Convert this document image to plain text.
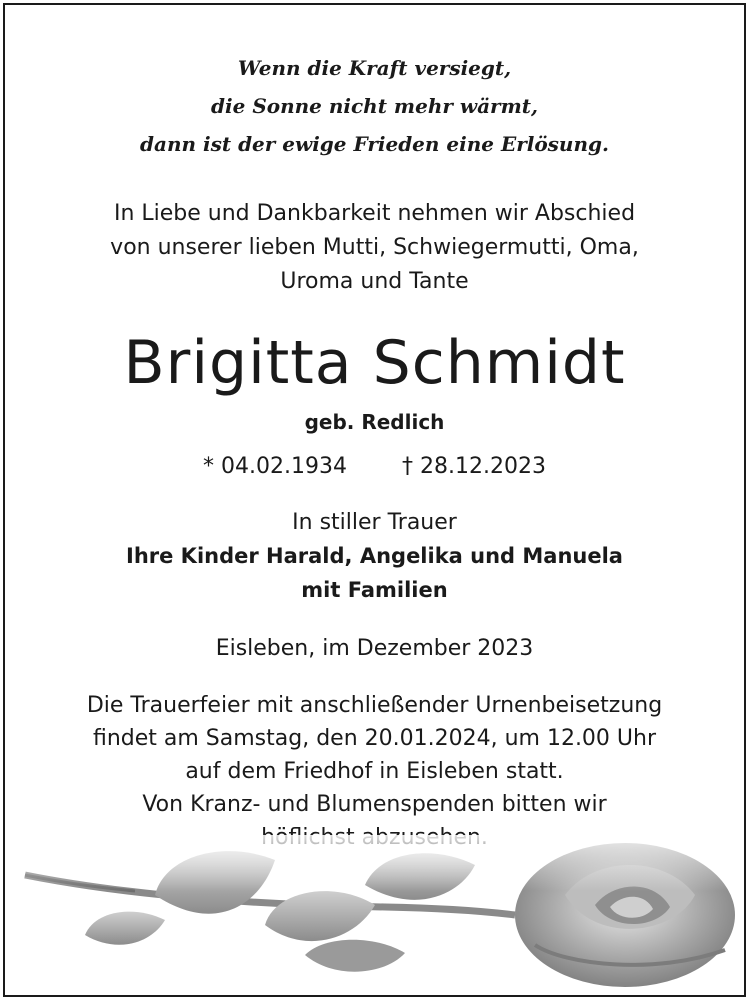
Wenn die Kraft versiegt,
die Sonne nicht mehr wärmt,
dann ist der ewige Frieden eine Erlösung.
In Liebe und Dankbarkeit nehmen wir Abschied
von unserer lieben Mutti, Schwiegermutti, Oma,
Uroma und Tante
Brigitta Schmidt
geb. Redlich
* 04.02.1934	† 28.12.2023
In stiller Trauer
Ihre Kinder Harald, Angelika und Manuela
mit Familien
Eisleben, im Dezember 2023
Die Trauerfeier mit anschließender Urnenbeisetzung
findet am Samstag, den 20.01.2024, um 12.00 Uhr
auf dem Friedhof in Eisleben statt.
Von Kranz- und Blumenspenden bitten wir
